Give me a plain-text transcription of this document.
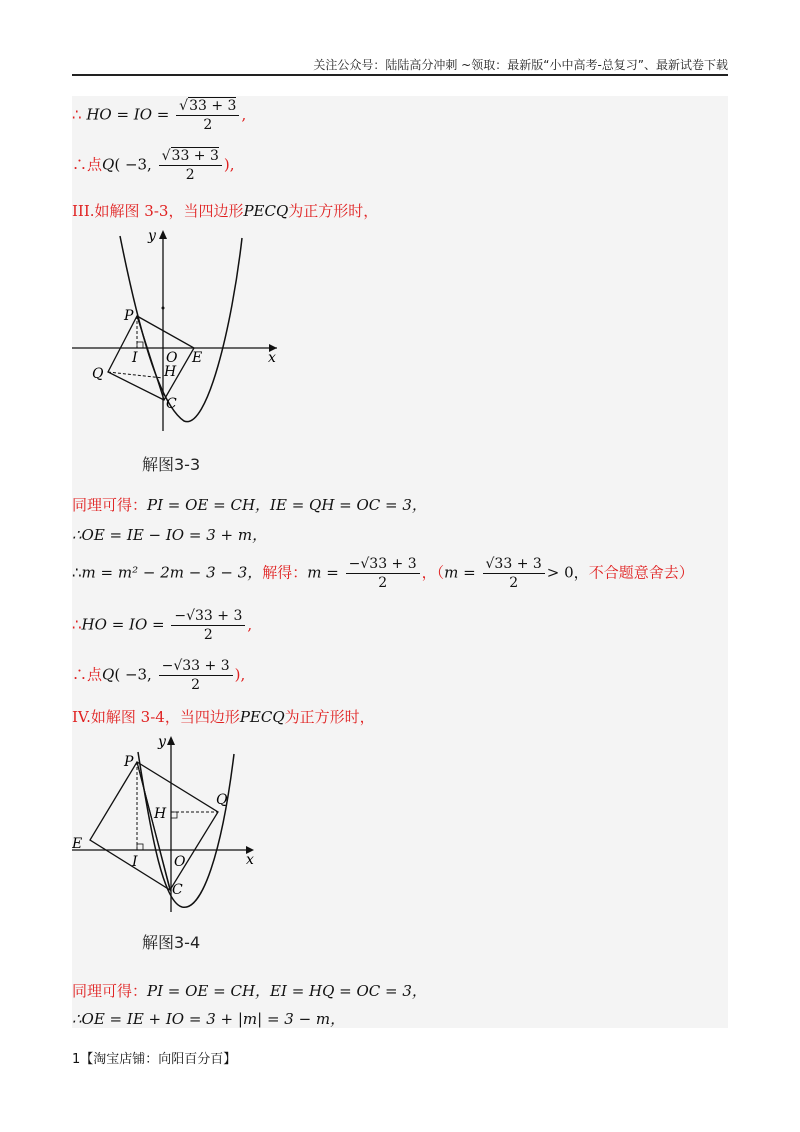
关注公众号：陆陆高分冲刺 ~领取：最新版“小中高考-总复习”、最新试卷下载
∴ HO = IO = $\frac{√33 + 3}{2}$ ,
∴点Q( −3, $\frac{√33 + 3}{2}$ ),
III.如解图 3-3，当四边形PECQ为正方形时，
y
x
P
I O E
Q	H
C
解图3-3
同理可得：PI = OE = CH，IE = QH = OC = 3，
∴OE = IE − IO = 3 + m，
∴m = m² − 2m − 3 − 3，解得：$m = \frac{-√33 + 3}{2}$ ，（$m = \frac{√33 + 3}{2} > 0$，不合题意舍去）
∴HO = IO = $\frac{-√33 + 3}{2}$ ,
∴点Q( −3, $\frac{-√33 + 3}{2}$ ),
IV.如解图 3-4，当四边形PECQ为正方形时，
y
x
P
Q
H
E
I	O
C
解图3-4
同理可得：PI = OE = CH，EI = HQ = OC = 3，
∴OE = IE + IO = 3 + |m| = 3 − m，
1【淘宝店铺：向阳百分百】
